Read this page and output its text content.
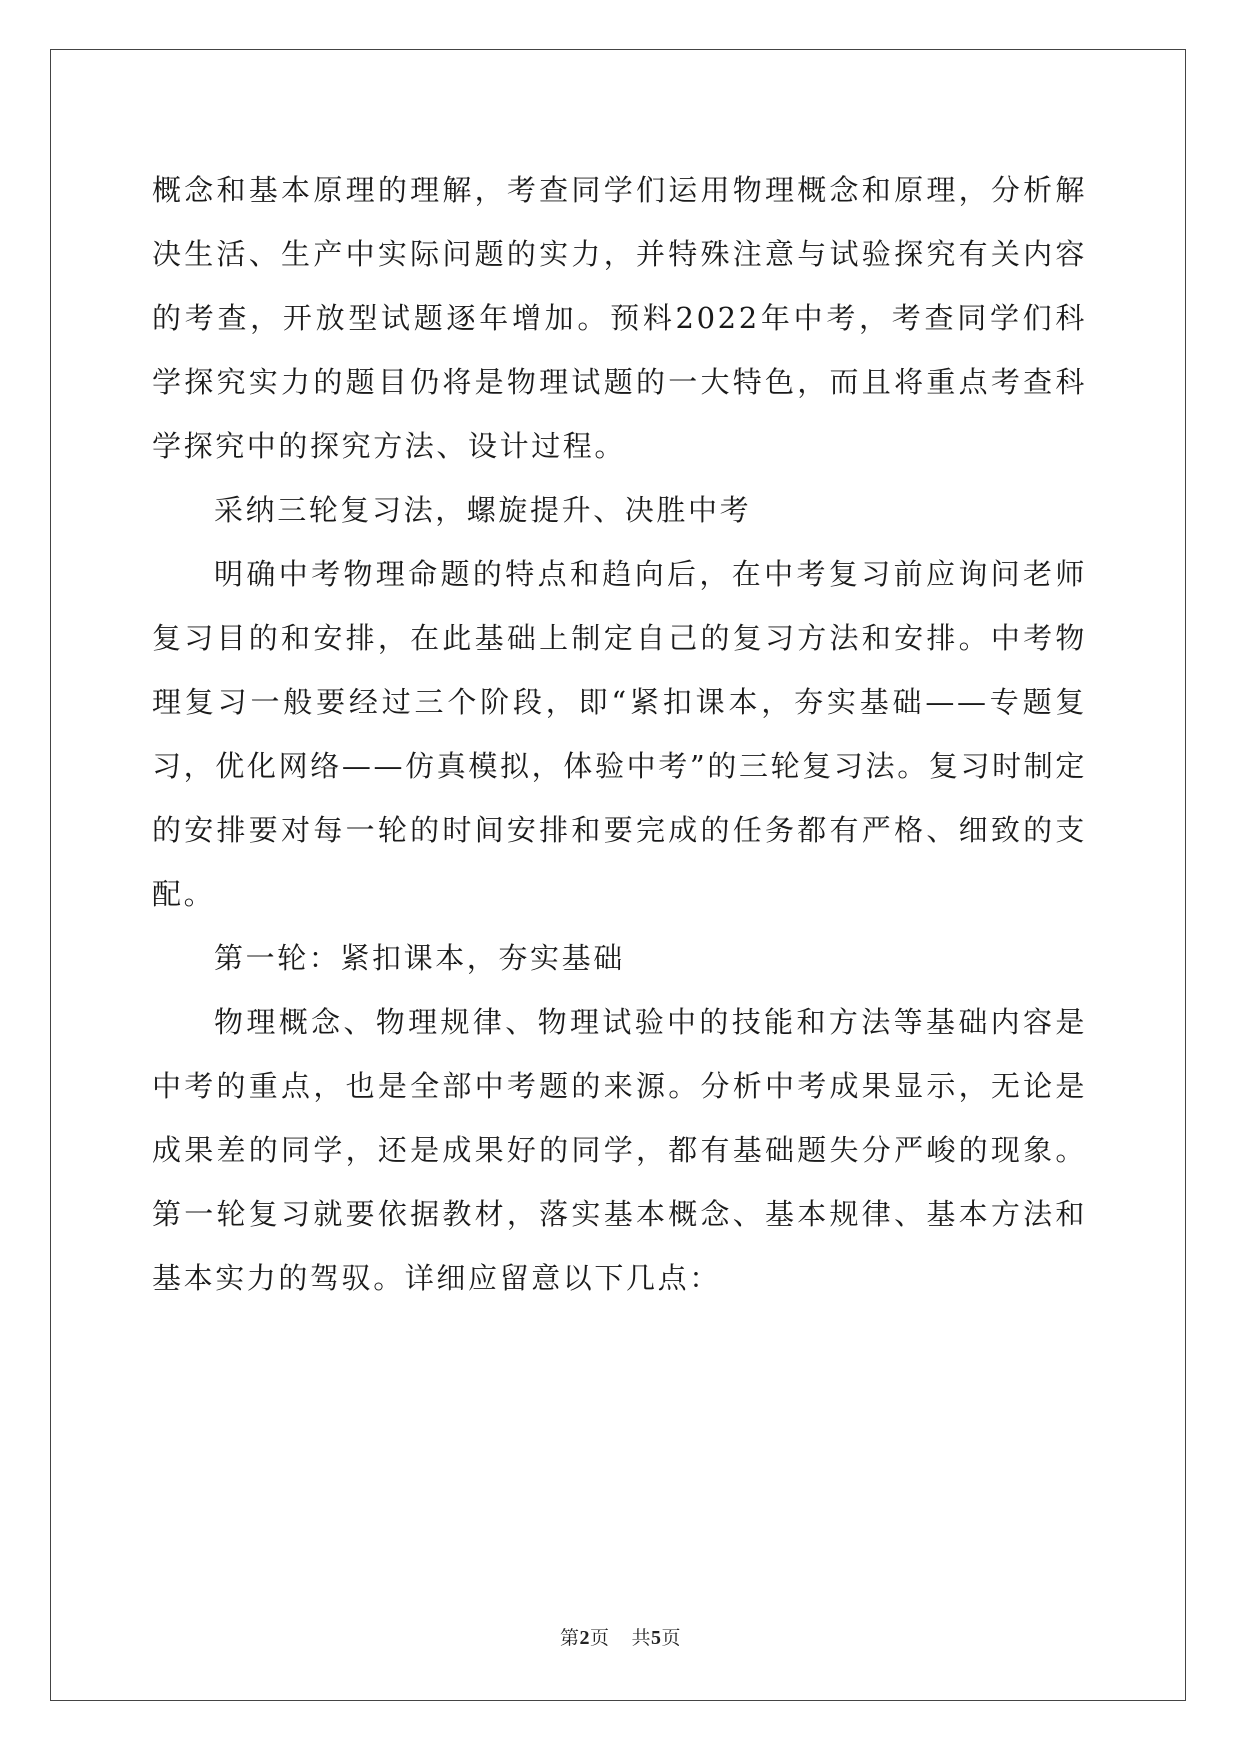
概念和基本原理的理解，考查同学们运用物理概念和原理，分析解决生活、生产中实际问题的实力，并特殊注意与试验探究有关内容的考查，开放型试题逐年增加。预料2022年中考，考查同学们科学探究实力的题目仍将是物理试题的一大特色，而且将重点考查科学探究中的探究方法、设计过程。

采纳三轮复习法，螺旋提升、决胜中考

明确中考物理命题的特点和趋向后，在中考复习前应询问老师复习目的和安排，在此基础上制定自己的复习方法和安排。中考物理复习一般要经过三个阶段，即“紧扣课本，夯实基础——专题复习，优化网络——仿真模拟，体验中考”的三轮复习法。复习时制定的安排要对每一轮的时间安排和要完成的任务都有严格、细致的支配。

第一轮：紧扣课本，夯实基础

物理概念、物理规律、物理试验中的技能和方法等基础内容是中考的重点，也是全部中考题的来源。分析中考成果显示，无论是成果差的同学，还是成果好的同学，都有基础题失分严峻的现象。第一轮复习就要依据教材，落实基本概念、基本规律、基本方法和基本实力的驾驭。详细应留意以下几点：

第2页 共5页
